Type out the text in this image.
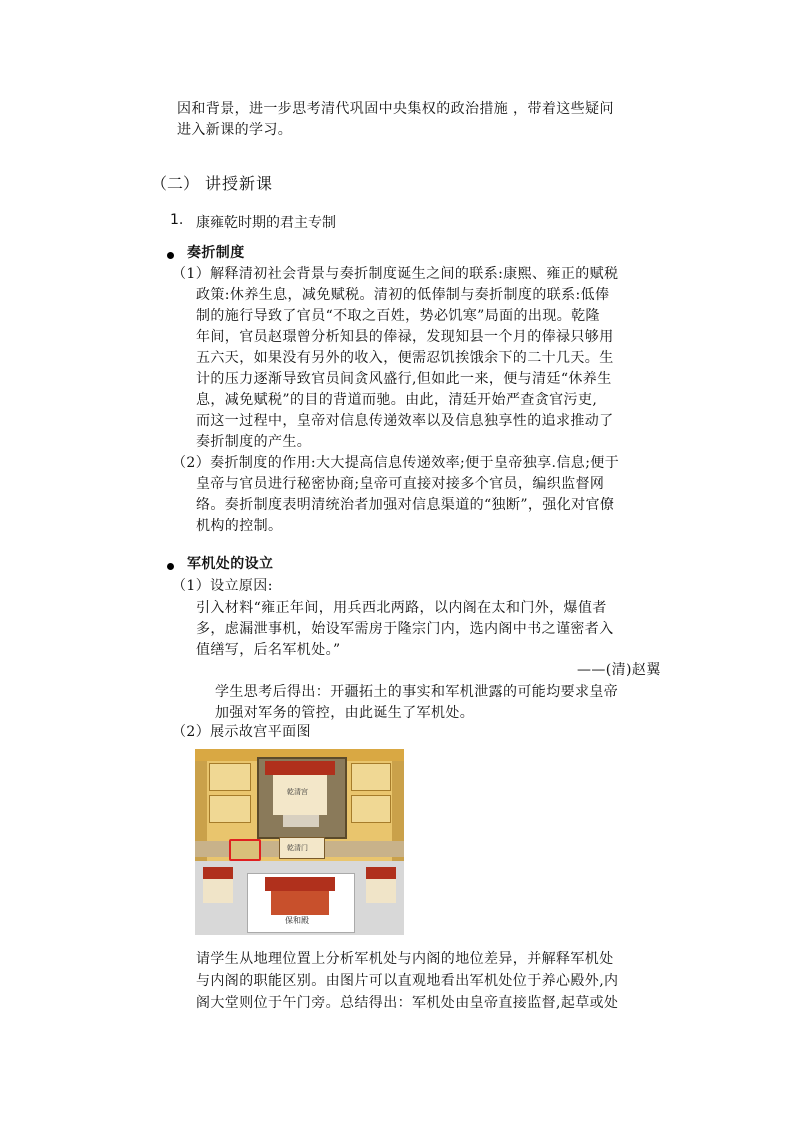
因和背景，进一步思考清代巩固中央集权的政治措施 ，带着这些疑问
进入新课的学习。
（二） 讲授新课
1. 康雍乾时期的君主专制
奏折制度
（1）解释清初社会背景与奏折制度诞生之间的联系:康熙、雍正的赋税
政策:休养生息，减免赋税。清初的低俸制与奏折制度的联系:低俸
制的施行导致了官员“不取之百姓，势必饥寒”局面的出现。乾隆
年间，官员赵璟曾分析知县的俸禄，发现知县一个月的俸禄只够用
五六天，如果没有另外的收入，便需忍饥挨饿余下的二十几天。生
计的压力逐渐导致官员间贪风盛行,但如此一来，便与清廷“休养生
息，减免赋税”的目的背道而驰。由此，清廷开始严查贪官污吏,
而这一过程中，皇帝对信息传递效率以及信息独享性的追求推动了
奏折制度的产生。
（2）奏折制度的作用:大大提高信息传递效率;便于皇帝独享.信息;便于
皇帝与官员进行秘密协商;皇帝可直接对接多个官员，编织监督网
络。奏折制度表明清统治者加强对信息渠道的“独断”，强化对官僚
机构的控制。
军机处的设立
（1）设立原因:
引入材料“雍正年间，用兵西北两路，以内阁在太和门外，爆值者
多，虑漏泄事机，始设军需房于隆宗门内，选内阁中书之谨密者入
值缮写，后名军机处。”
——(清)赵翼
学生思考后得出：开疆拓土的事实和军机泄露的可能均要求皇帝
加强对军务的管控，由此诞生了军机处。
（2）展示故宫平面图
乾清宫
乾清门
保和殿
请学生从地理位置上分析军机处与内阁的地位差异，并解释军机处
与内阁的职能区别。由图片可以直观地看出军机处位于养心殿外,内
阁大堂则位于午门旁。总结得出：军机处由皇帝直接监督,起草或处
